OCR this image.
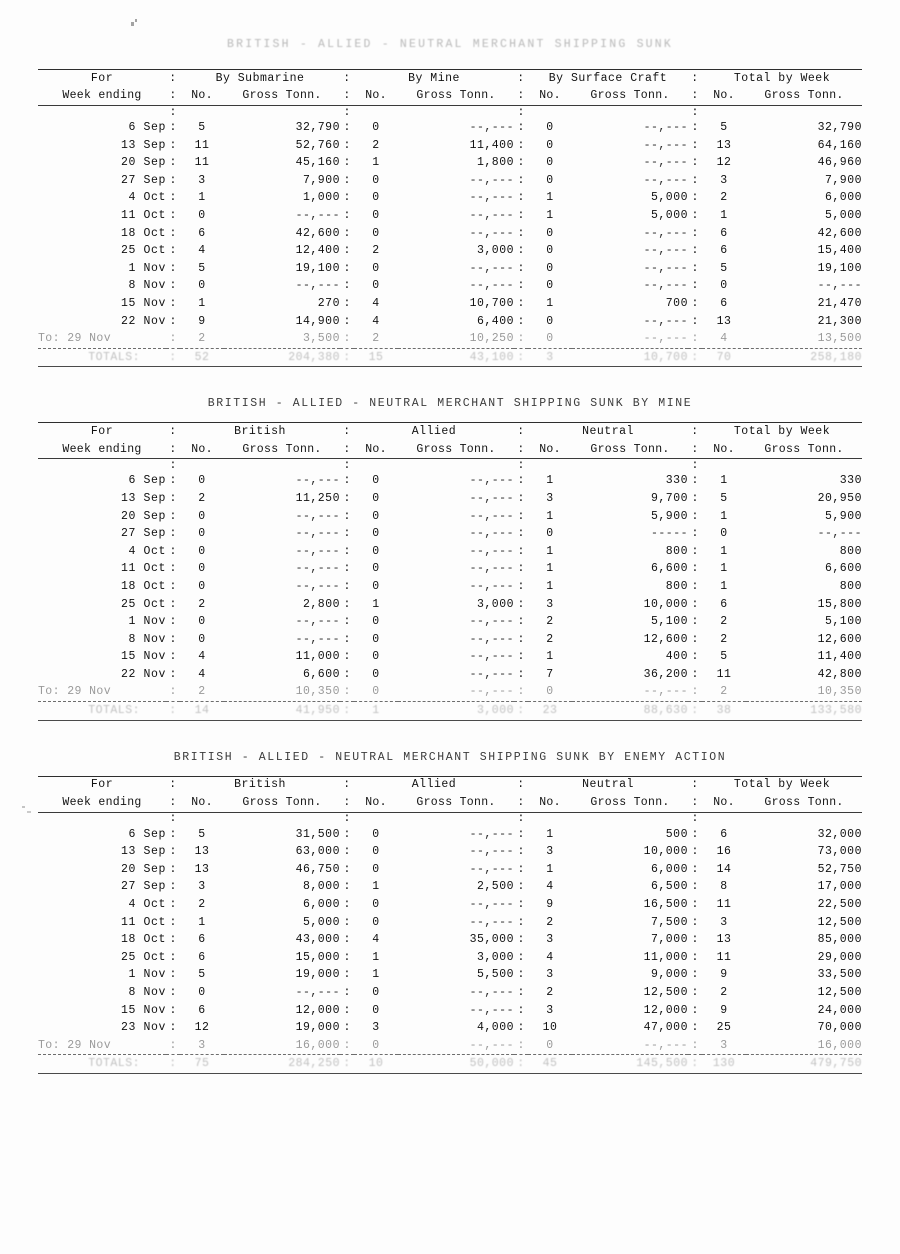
BRITISH - ALLIED - NEUTRAL MERCHANT SHIPPING SUNK

For	:	By Submarine		:	By Mine		:	By Surface Craft		:	Total by Week	
Week ending	:	No.	Gross Tonn.	:	No.	Gross Tonn.	:	No.	Gross Tonn.	:	No.	Gross Tonn.
	:			:			:			:		
6 Sep	:	5	32,790	:	0	--,---	:	0	--,---	:	5	32,790
13 Sep	:	11	52,760	:	2	11,400	:	0	--,---	:	13	64,160
20 Sep	:	11	45,160	:	1	1,800	:	0	--,---	:	12	46,960
27 Sep	:	3	7,900	:	0	--,---	:	0	--,---	:	3	7,900
4 Oct	:	1	1,000	:	0	--,---	:	1	5,000	:	2	6,000
11 Oct	:	0	--,---	:	0	--,---	:	1	5,000	:	1	5,000
18 Oct	:	6	42,600	:	0	--,---	:	0	--,---	:	6	42,600
25 Oct	:	4	12,400	:	2	3,000	:	0	--,---	:	6	15,400
1 Nov	:	5	19,100	:	0	--,---	:	0	--,---	:	5	19,100
8 Nov	:	0	--,---	:	0	--,---	:	0	--,---	:	0	--,---
15 Nov	:	1	270	:	4	10,700	:	1	700	:	6	21,470
22 Nov	:	9	14,900	:	4	6,400	:	0	--,---	:	13	21,300
To: 29 Nov	:	2	3,500	:	2	10,250	:	0	--,---	:	4	13,500
TOTALS:	:	52	204,380	:	15	43,100	:	3	10,700	:	70	258,180
BRITISH - ALLIED - NEUTRAL MERCHANT SHIPPING SUNK BY MINE

For	:	British		:	Allied		:	Neutral		:	Total by Week	
Week ending	:	No.	Gross Tonn.	:	No.	Gross Tonn.	:	No.	Gross Tonn.	:	No.	Gross Tonn.
	:			:			:			:		
6 Sep	:	0	--,---	:	0	--,---	:	1	330	:	1	330
13 Sep	:	2	11,250	:	0	--,---	:	3	9,700	:	5	20,950
20 Sep	:	0	--,---	:	0	--,---	:	1	5,900	:	1	5,900
27 Sep	:	0	--,---	:	0	--,---	:	0	-----	:	0	--,---
4 Oct	:	0	--,---	:	0	--,---	:	1	800	:	1	800
11 Oct	:	0	--,---	:	0	--,---	:	1	6,600	:	1	6,600
18 Oct	:	0	--,---	:	0	--,---	:	1	800	:	1	800
25 Oct	:	2	2,800	:	1	3,000	:	3	10,000	:	6	15,800
1 Nov	:	0	--,---	:	0	--,---	:	2	5,100	:	2	5,100
8 Nov	:	0	--,---	:	0	--,---	:	2	12,600	:	2	12,600
15 Nov	:	4	11,000	:	0	--,---	:	1	400	:	5	11,400
22 Nov	:	4	6,600	:	0	--,---	:	7	36,200	:	11	42,800
To: 29 Nov	:	2	10,350	:	0	--,---	:	0	--,---	:	2	10,350
TOTALS:	:	14	41,950	:	1	3,000	:	23	88,630	:	38	133,580
BRITISH - ALLIED - NEUTRAL MERCHANT SHIPPING SUNK BY ENEMY ACTION

For	:	British		:	Allied		:	Neutral		:	Total by Week	
Week ending	:	No.	Gross Tonn.	:	No.	Gross Tonn.	:	No.	Gross Tonn.	:	No.	Gross Tonn.
	:			:			:			:		
6 Sep	:	5	31,500	:	0	--,---	:	1	500	:	6	32,000
13 Sep	:	13	63,000	:	0	--,---	:	3	10,000	:	16	73,000
20 Sep	:	13	46,750	:	0	--,---	:	1	6,000	:	14	52,750
27 Sep	:	3	8,000	:	1	2,500	:	4	6,500	:	8	17,000
4 Oct	:	2	6,000	:	0	--,---	:	9	16,500	:	11	22,500
11 Oct	:	1	5,000	:	0	--,---	:	2	7,500	:	3	12,500
18 Oct	:	6	43,000	:	4	35,000	:	3	7,000	:	13	85,000
25 Oct	:	6	15,000	:	1	3,000	:	4	11,000	:	11	29,000
1 Nov	:	5	19,000	:	1	5,500	:	3	9,000	:	9	33,500
8 Nov	:	0	--,---	:	0	--,---	:	2	12,500	:	2	12,500
15 Nov	:	6	12,000	:	0	--,---	:	3	12,000	:	9	24,000
23 Nov	:	12	19,000	:	3	4,000	:	10	47,000	:	25	70,000
To: 29 Nov	:	3	16,000	:	0	--,---	:	0	--,---	:	3	16,000
TOTALS:	:	75	284,250	:	10	50,000	:	45	145,500	:	130	479,750
